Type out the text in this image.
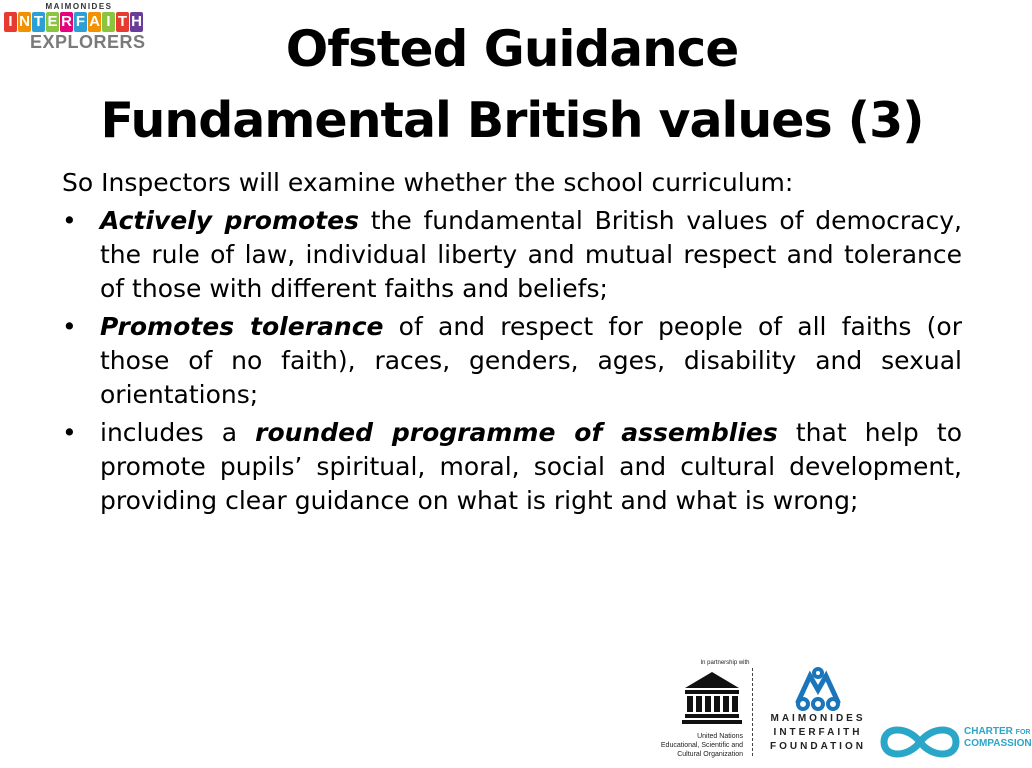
MAIMONIDES
I N T E R F A I T H
EXPLORERS	Ofsted Guidance
Fundamental British values (3)

So Inspectors will examine whether the school curriculum:

• Actively promotes the fundamental British values of democracy, the rule of law, individual liberty and mutual respect and tolerance of those with different faiths and beliefs;
• Promotes tolerance of and respect for people of all faiths (or those of no faith), races, genders, ages, disability and sexual orientations;
• includes a rounded programme of assemblies that help to promote pupils’ spiritual, moral, social and cultural development, providing clear guidance on what is right and what is wrong;
In partnership with
United Nations
Educational, Scientific and
Cultural Organization
MAIMONIDES
INTERFAITH
FOUNDATION
CHARTER FOR
COMPASSION
